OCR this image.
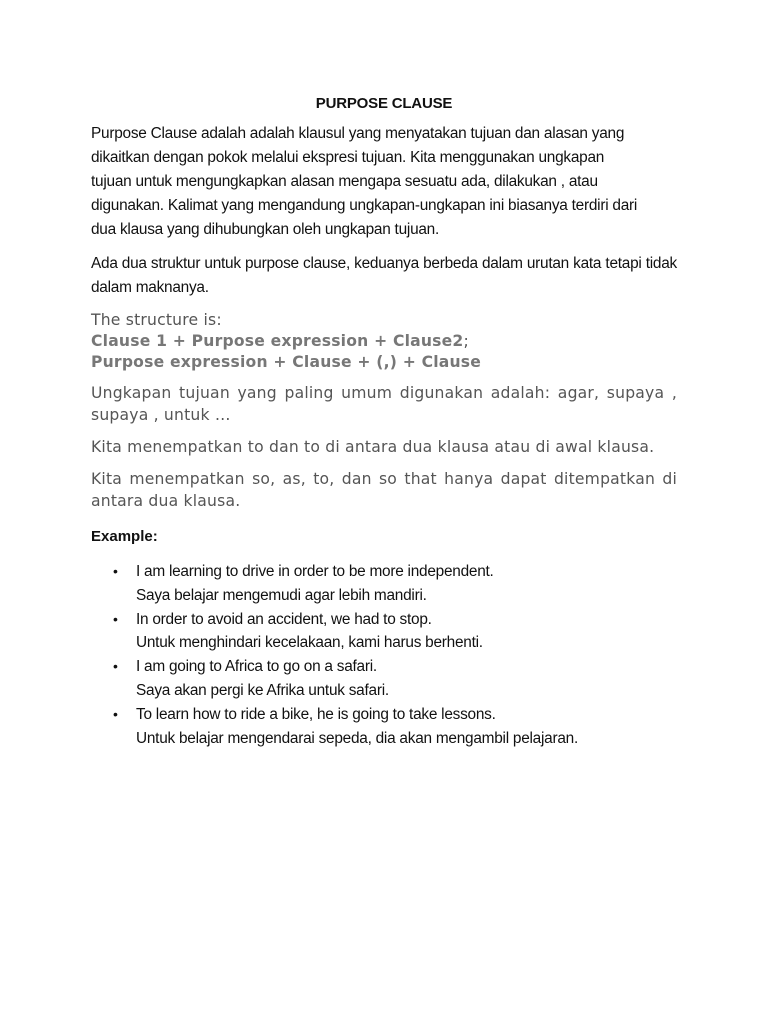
PURPOSE CLAUSE
Purpose Clause adalah adalah klausul yang menyatakan tujuan dan alasan yang
dikaitkan dengan pokok melalui ekspresi tujuan. Kita menggunakan ungkapan
tujuan untuk mengungkapkan alasan mengapa sesuatu ada, dilakukan , atau
digunakan. Kalimat yang mengandung ungkapan-ungkapan ini biasanya terdiri dari
dua klausa yang dihubungkan oleh ungkapan tujuan.
Ada dua struktur untuk purpose clause, keduanya berbeda dalam urutan kata tetapi tidak dalam maknanya.
The structure is:
Clause 1 + Purpose expression + Clause2;
Purpose expression + Clause + (,) + Clause
Ungkapan tujuan yang paling umum digunakan adalah: agar, supaya , supaya , untuk …
Kita menempatkan to dan to di antara dua klausa atau di awal klausa.
Kita menempatkan so, as, to, dan so that hanya dapat ditempatkan di antara dua klausa.
Example:
• I am learning to drive in order to be more independent.
Saya belajar mengemudi agar lebih mandiri.
• In order to avoid an accident, we had to stop.
Untuk menghindari kecelakaan, kami harus berhenti.
• I am going to Africa to go on a safari.
Saya akan pergi ke Afrika untuk safari.
• To learn how to ride a bike, he is going to take lessons.
Untuk belajar mengendarai sepeda, dia akan mengambil pelajaran.
